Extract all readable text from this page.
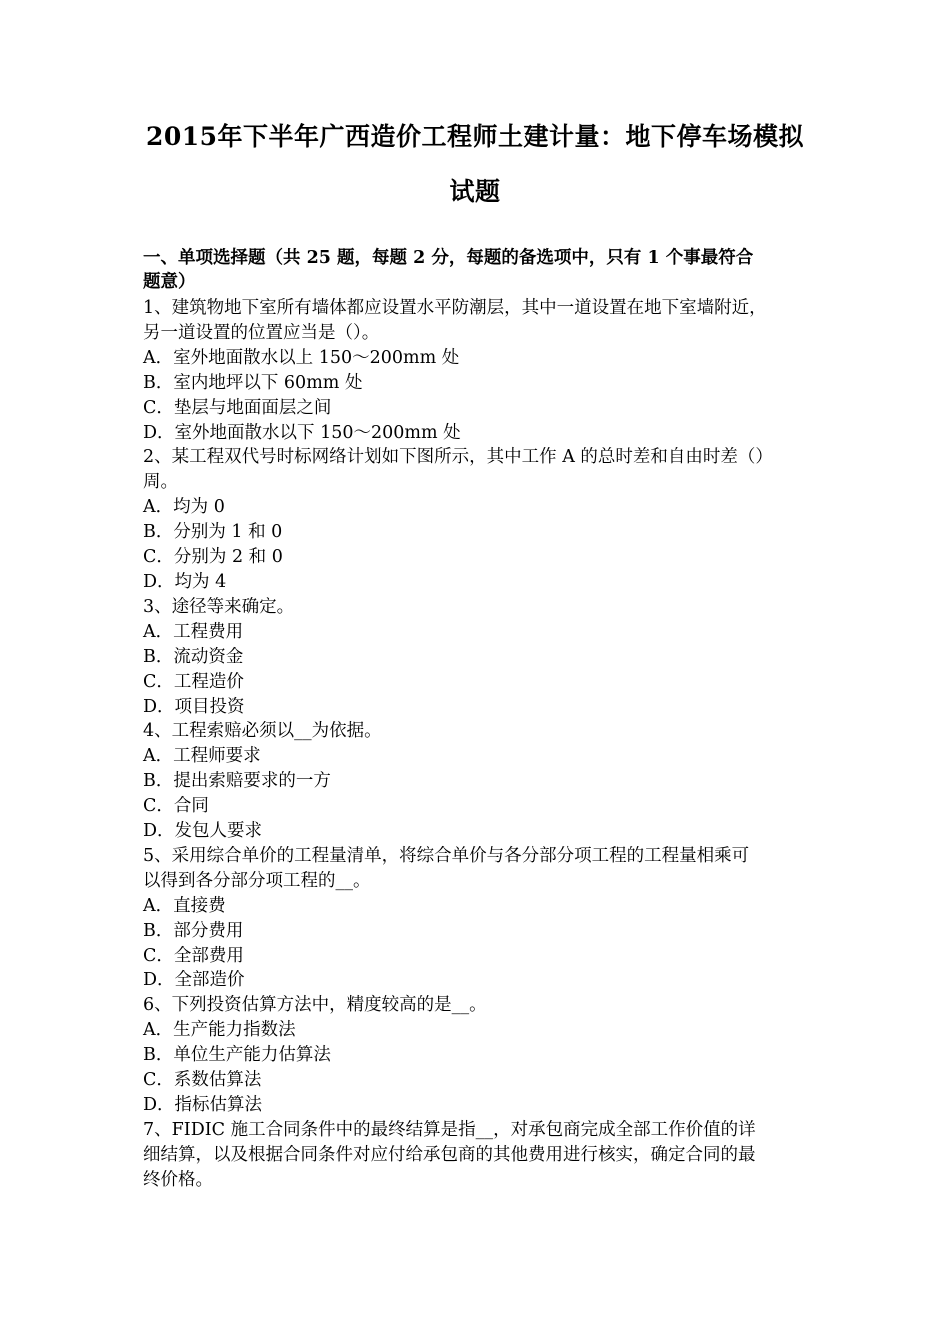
2015年下半年广西造价工程师土建计量：地下停车场模拟
试题
一、单项选择题（共 25 题，每题 2 分，每题的备选项中，只有 1 个事最符合
题意）
1、建筑物地下室所有墙体都应设置水平防潮层，其中一道设置在地下室墙附近，
另一道设置的位置应当是（）。
A．室外地面散水以上 150～200mm 处
B．室内地坪以下 60mm 处
C．垫层与地面面层之间
D．室外地面散水以下 150～200mm 处
2、某工程双代号时标网络计划如下图所示，其中工作 A 的总时差和自由时差（）
周。
A．均为 0
B．分别为 1 和 0
C．分别为 2 和 0
D．均为 4
3、途径等来确定。
A．工程费用
B．流动资金
C．工程造价
D．项目投资
4、工程索赔必须以__为依据。
A．工程师要求
B．提出索赔要求的一方
C．合同
D．发包人要求
5、采用综合单价的工程量清单，将综合单价与各分部分项工程的工程量相乘可
以得到各分部分项工程的__。
A．直接费
B．部分费用
C．全部费用
D．全部造价
6、下列投资估算方法中，精度较高的是__。
A．生产能力指数法
B．单位生产能力估算法
C．系数估算法
D．指标估算法
7、FIDIC 施工合同条件中的最终结算是指__，对承包商完成全部工作价值的详
细结算，以及根据合同条件对应付给承包商的其他费用进行核实，确定合同的最
终价格。
